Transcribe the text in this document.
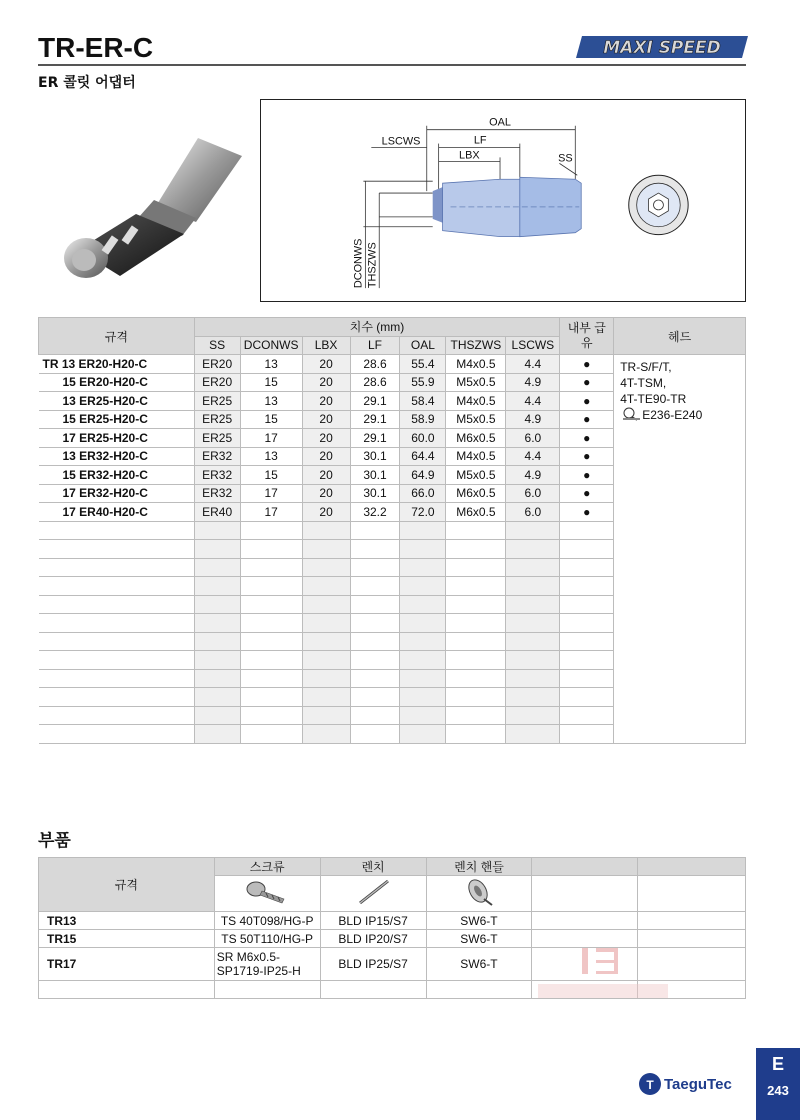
TR-ER-C
ER 콜릿 어댑터
MAXI SPEED
OAL
LSCWS	LF
LBX	SS
DCONWS THSZWS
규격	치수 (mm)							내부 급유	헤드
	SS	DCONWS	LBX	LF	OAL	THSZWS	LSCWS		
TR 13 ER20-H20-C	ER20	13	20	28.6	55.4	M4x0.5	4.4	●	TR-S/F/T,
4T-TSM,
4T-TE90-TR
E236-E240

15 ER20-H20-C	ER20	15	20	28.6	55.9	M5x0.5	4.9	●	
13 ER25-H20-C	ER25	13	20	29.1	58.4	M4x0.5	4.4	●	
15 ER25-H20-C	ER25	15	20	29.1	58.9	M5x0.5	4.9	●	
17 ER25-H20-C	ER25	17	20	29.1	60.0	M6x0.5	6.0	●	
13 ER32-H20-C	ER32	13	20	30.1	64.4	M4x0.5	4.4	●	
15 ER32-H20-C	ER32	15	20	30.1	64.9	M5x0.5	4.9	●	
17 ER32-H20-C	ER32	17	20	30.1	66.0	M6x0.5	6.0	●	
17 ER40-H20-C	ER40	17	20	32.2	72.0	M6x0.5	6.0	●	

부품
규격	스크류	렌치	렌치 핸들		

TR13	TS 40T098/HG-P	BLD IP15/S7	SW6-T		
TR15	TS 50T110/HG-P	BLD IP20/S7	SW6-T		
TR17	SR M6x0.5-
SP1719-IP25-H	BLD IP25/S7	SW6-T		

T TaeguTec
E
243
